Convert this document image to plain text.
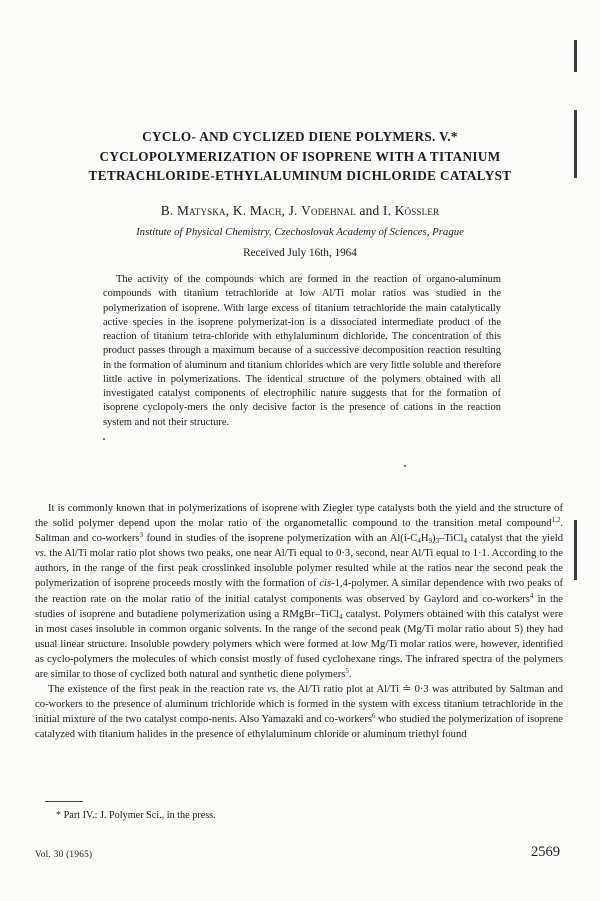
CYCLO- AND CYCLIZED DIENE POLYMERS. V.*
CYCLOPOLYMERIZATION OF ISOPRENE WITH A TITANIUM
TETRACHLORIDE-ETHYLALUMINUM DICHLORIDE CATALYST
B. Matyska, K. Mach, J. Vodehnal and I. Kössler
Institute of Physical Chemistry, Czechoslovak Academy of Sciences, Prague
Received July 16th, 1964

The activity of the compounds which are formed in the reaction of organo-aluminum compounds with titanium tetrachloride at low Al/Ti molar ratios was studied in the polymerization of isoprene. With large excess of titanium tetrachloride the main catalytically active species in the isoprene polymerizat-ion is a dissociated intermediate product of the reaction of titanium tetra-chloride with ethylaluminum dichloride. The concentration of this product passes through a maximum because of a successive decomposition reaction resulting in the formation of aluminum and titanium chlorides which are very little soluble and therefore little active in polymerizations. The identical structure of the polymers obtained with all investigated catalyst components of electrophilic nature suggests that for the formation of isoprene cyclopoly-mers the only decisive factor is the presence of cations in the reaction system and not their structure.

It is commonly known that in polymerizations of isoprene with Ziegler type catalysts both the yield and the structure of the solid polymer depend upon the molar ratio of the organometallic compound to the transition metal compound$^{1,2}$. Saltman and co-workers$^3$ found in studies of the isoprene polymerization with an $Al(i-C_4H_9)_3-TiCl_4$ catalyst that the yield vs. the Al/Ti molar ratio plot shows two peaks, one near Al/Ti equal to 0·3, second, near Al/Ti equal to 1·1. According to the authors, in the range of the first peak crosslinked insoluble polymer resulted while at the ratios near the second peak the polymerization of isoprene proceeds mostly with the formation of cis-1,4-polymer. A similar dependence with two peaks of the reaction rate on the molar ratio of the initial catalyst components was observed by Gaylord and co-workers$^4$ in the studies of isoprene and butadiene polymerization using a RMgBr–TiCl$_4$ catalyst. Polymers obtained with this catalyst were in most cases insoluble in common organic solvents. In the range of the second peak (Mg/Ti molar ratio about 5) they had usual linear structure. Insoluble powdery polymers which were formed at low Mg/Ti molar ratios were, however, identified as cyclo-polymers the molecules of which consist mostly of fused cyclohexane rings. The infrared spectra of the polymers are similar to those of cyclized both natural and synthetic diene polymers$^5$.

The existence of the first peak in the reaction rate vs. the Al/Ti ratio plot at Al/Ti ≐ 0·3 was attributed by Saltman and co-workers to the presence of aluminum trichloride which is formed in the system with excess titanium tetrachloride in the initial mixture of the two catalyst compo-nents. Also Yamazaki and co-workers$^6$ who studied the polymerization of isoprene catalyzed with titanium halides in the presence of ethylaluminum chloride or aluminum triethyl found

* Part IV.: J. Polymer Sci., in the press.
Vol. 30 (1965)	2569
